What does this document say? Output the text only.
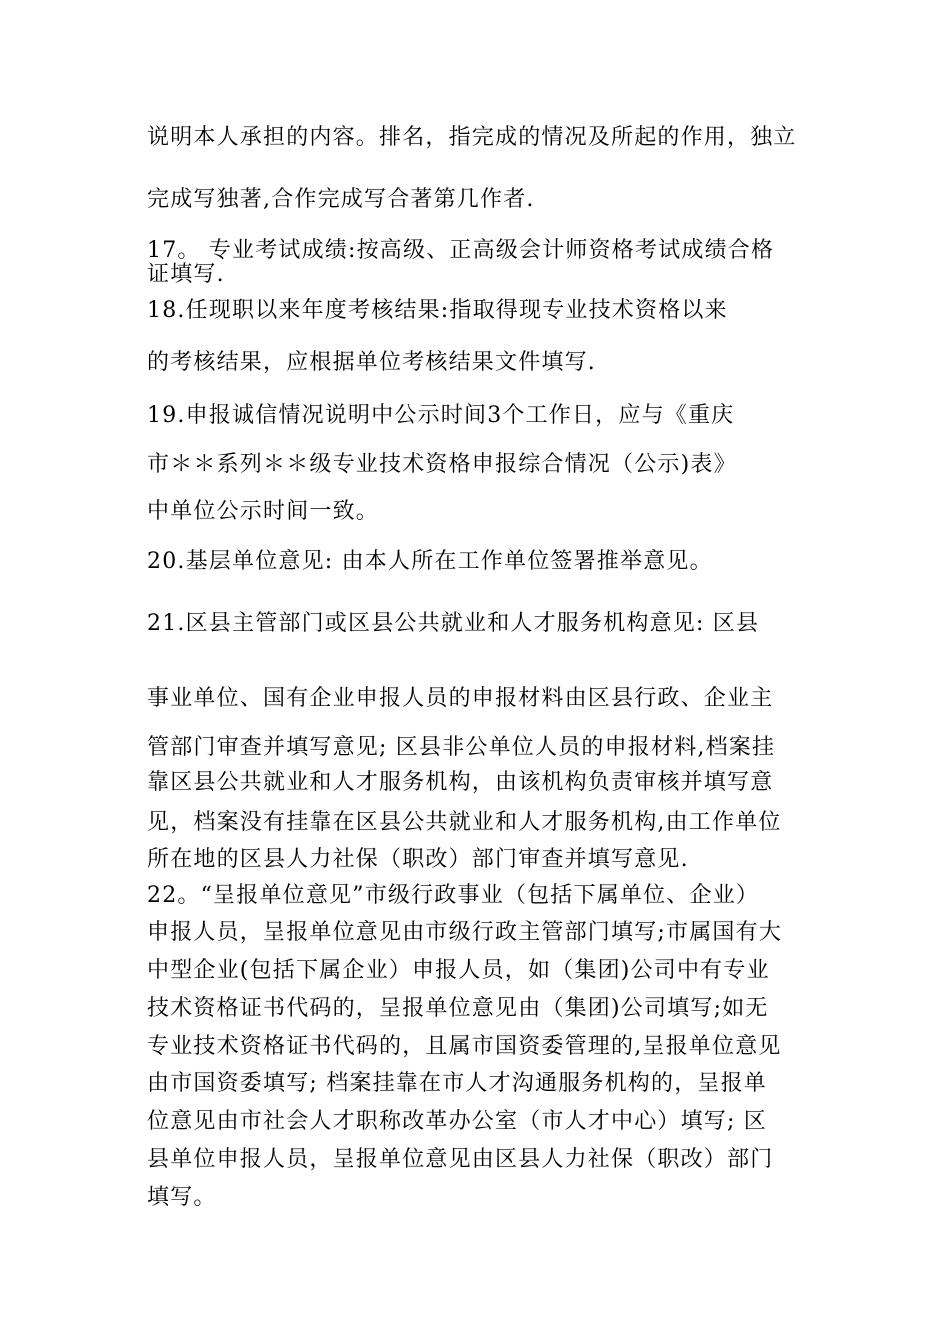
说明本人承担的内容。排名，指完成的情况及所起的作用，独立

完成写独著,合作完成写合著第几作者.

17。 专业考试成绩:按高级、正高级会计师资格考试成绩合格

证填写.

18.任现职以来年度考核结果:指取得现专业技术资格以来

的考核结果，应根据单位考核结果文件填写.

19.申报诚信情况说明中公示时间3个工作日，应与《重庆

市＊＊系列＊＊级专业技术资格申报综合情况（公示)表》

中单位公示时间一致。

20.基层单位意见: 由本人所在工作单位签署推举意见。

21.区县主管部门或区县公共就业和人才服务机构意见: 区县

事业单位、国有企业申报人员的申报材料由区县行政、企业主

管部门审查并填写意见; 区县非公单位人员的申报材料,档案挂

靠区县公共就业和人才服务机构，由该机构负责审核并填写意

见，档案没有挂靠在区县公共就业和人才服务机构,由工作单位

所在地的区县人力社保（职改）部门审查并填写意见.

22。“呈报单位意见”市级行政事业（包括下属单位、企业）

申报人员，呈报单位意见由市级行政主管部门填写;市属国有大

中型企业(包括下属企业）申报人员，如（集团)公司中有专业

技术资格证书代码的，呈报单位意见由（集团)公司填写;如无

专业技术资格证书代码的，且属市国资委管理的,呈报单位意见

由市国资委填写; 档案挂靠在市人才沟通服务机构的，呈报单

位意见由市社会人才职称改革办公室（市人才中心）填写; 区

县单位申报人员，呈报单位意见由区县人力社保（职改）部门

填写。
